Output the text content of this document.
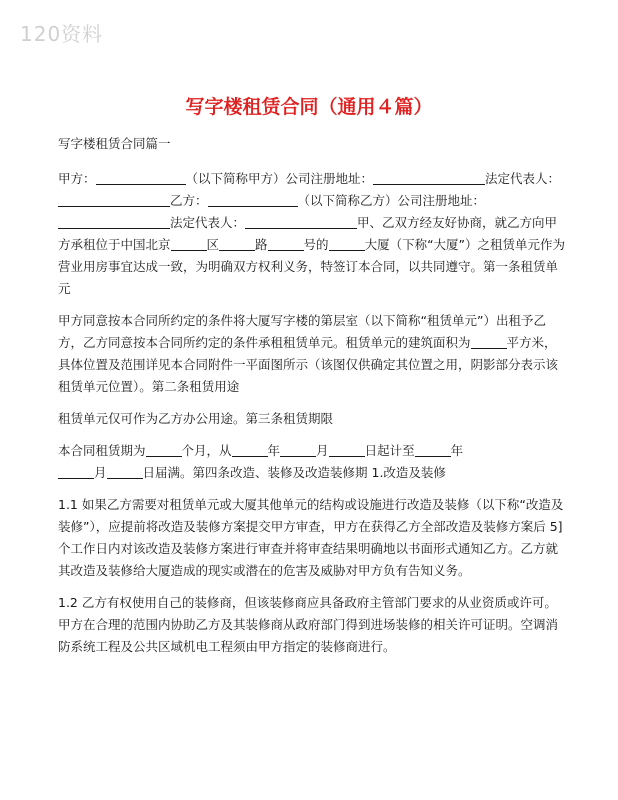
120资料
写字楼租赁合同（通用４篇）

写字楼租赁合同篇一

甲方：	（以下简称甲方）公司注册地址：	法定代表人：乙方：	（以下简称乙方）公司注册地址：法定代表人：	甲、乙双方经友好协商，就乙方向甲方承租位于中国北京	区	路	号的	大厦（下称“大厦”）之租赁单元作为营业用房事宜达成一致，为明确双方权利义务，特签订本合同，以共同遵守。第一条租赁单元

甲方同意按本合同所约定的条件将大厦写字楼的第层室（以下简称“租赁单元”）出租予乙方，乙方同意按本合同所约定的条件承租租赁单元。租赁单元的建筑面积为	平方米，具体位置及范围详见本合同附件一平面图所示（该图仅供确定其位置之用，阴影部分表示该租赁单元位置）。第二条租赁用途

租赁单元仅可作为乙方办公用途。第三条租赁期限

本合同租赁期为	个月，从	年	月	日起计至	年
月	日届满。第四条改造、装修及改造装修期 1.改造及装修

1.1 如果乙方需要对租赁单元或大厦其他单元的结构或设施进行改造及装修（以下称“改造及装修”），应提前将改造及装修方案提交甲方审查，甲方在获得乙方全部改造及装修方案后 5]个工作日内对该改造及装修方案进行审查并将审查结果明确地以书面形式通知乙方。乙方就其改造及装修给大厦造成的现实或潜在的危害及威胁对甲方负有告知义务。

1.2 乙方有权使用自己的装修商，但该装修商应具备政府主管部门要求的从业资质或许可。甲方在合理的范围内协助乙方及其装修商从政府部门得到进场装修的相关许可证明。空调消防系统工程及公共区域机电工程须由甲方指定的装修商进行。
